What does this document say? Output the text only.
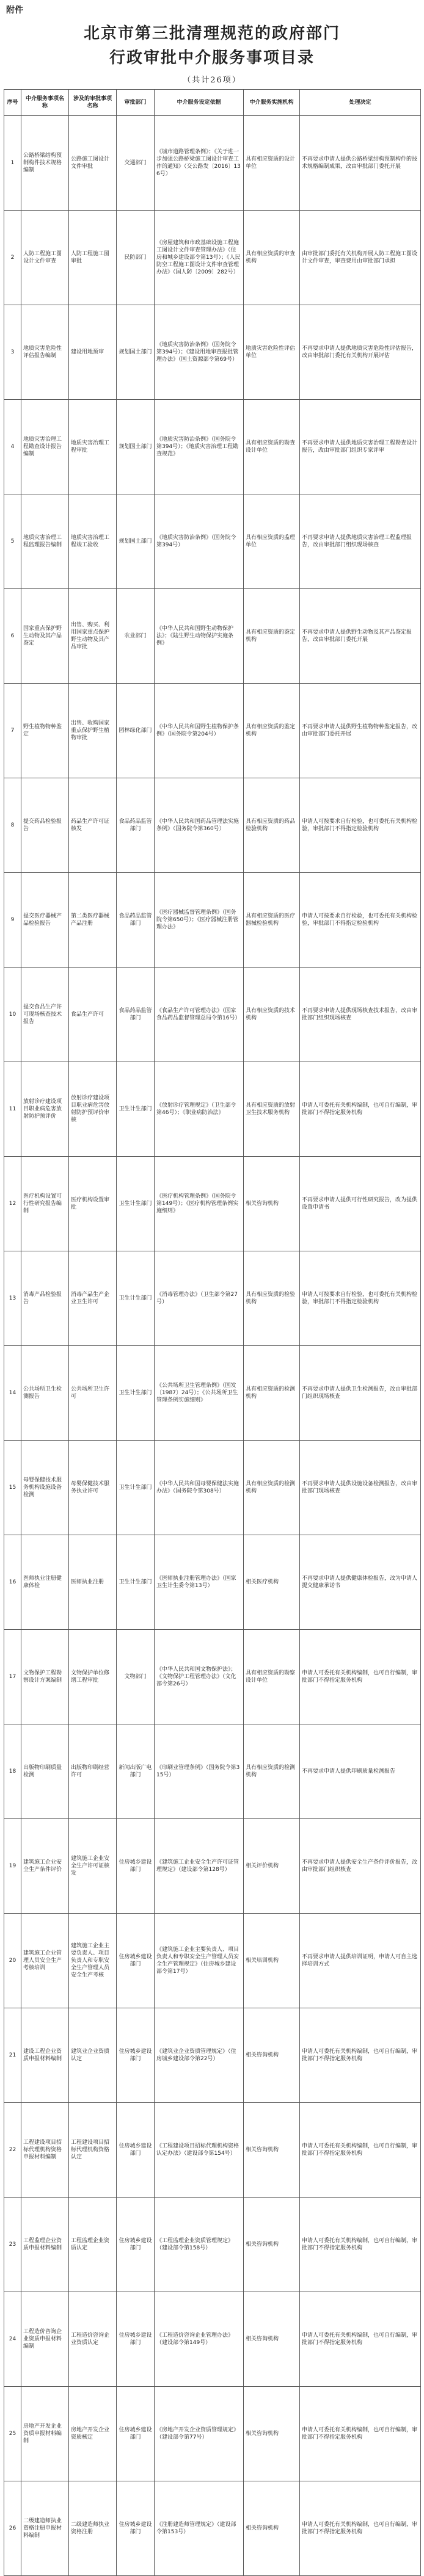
附件
北京市第三批清理规范的政府部门
行政审批中介服务事项目录
（共计26项）
序号	中介服务事项名称	涉及的审批事项名称	审批部门	中介服务设定依据	中介服务实施机构	处理决定
1	公路桥梁结构预制构件技术规格编制	公路施工图设计文件审批	交通部门	《城市道路管理条例》；《关于进一步加强公路桥梁施工图设计审查工作的通知》（交公路发〔2016〕136号）	具有相应资质的设计单位	不再要求申请人提供公路桥梁结构预制构件的技术规格编制成果，改由审批部门委托开展
2	人防工程施工图设计文件审查	人防工程施工图审批	民防部门	《房屋建筑和市政基础设施工程施工图设计文件审查管理办法》（住房和城乡建设部令第13号）；《人民防空工程施工图设计文件审查管理办法》（国人防〔2009〕282号）	具有相应资质的审查机构	由审批部门委托有关机构开展人防工程施工图设计文件审查，审查费用由审批部门承担
3	地质灾害危险性评估报告编制	建设用地预审	规划国土部门	《地质灾害防治条例》（国务院令第394号）；《建设用地审查报批管理办法》（国土资源部令第69号）	地质灾害危险性评估单位	不再要求申请人提供地质灾害危险性评估报告，改由审批部门委托有关机构开展评估
4	地质灾害治理工程勘查设计报告编制	地质灾害治理工程审批	规划国土部门	《地质灾害防治条例》（国务院令第394号）；《地质灾害治理工程勘查规范》	具有相应资质的勘查设计单位	不再要求申请人提供地质灾害治理工程勘查设计报告，改由审批部门组织专家评审
5	地质灾害治理工程监理报告编制	地质灾害治理工程竣工验收	规划国土部门	《地质灾害防治条例》（国务院令第394号）	具有相应资质的监理单位	不再要求申请人提供地质灾害治理工程监理报告，改由审批部门组织现场核查
6	国家重点保护野生动物及其产品鉴定	出售、购买、利用国家重点保护野生动物及其产品审批	农业部门	《中华人民共和国野生动物保护法》；《陆生野生动物保护实施条例》	具有相应资质的鉴定机构	不再要求申请人提供野生动物及其产品鉴定报告，改由审批部门委托开展
7	野生植物物种鉴定	出售、收购国家重点保护野生植物审批	园林绿化部门	《中华人民共和国野生植物保护条例》（国务院令第204号）	具有相应资质的鉴定机构	不再要求申请人提供野生植物物种鉴定报告，改由审批部门委托开展
8	提交药品检验报告	药品生产许可证核发	食品药品监管部门	《中华人民共和国药品管理法实施条例》（国务院令第360号）	具有相应资质的药品检验机构	申请人可按要求自行检验，也可委托有关机构检验，审批部门不得指定检验机构
9	提交医疗器械产品检验报告	第二类医疗器械产品注册	食品药品监管部门	《医疗器械监督管理条例》（国务院令第650号）；《医疗器械注册管理办法》	具有相应资质的医疗器械检验机构	申请人可按要求自行检验，也可委托有关机构检验，审批部门不得指定检验机构
10	提交食品生产许可现场核查技术报告	食品生产许可	食品药品监管部门	《食品生产许可管理办法》（国家食品药品监督管理总局令第16号）	具有相应资质的技术机构	不再要求申请人提供现场核查技术报告，改由审批部门组织现场核查
11	放射诊疗建设项目职业病危害放射防护预评价	放射诊疗建设项目职业病危害放射防护预评价审核	卫生计生部门	《放射诊疗管理规定》（卫生部令第46号）；《职业病防治法》	具有相应资质的放射卫生技术服务机构	申请人可委托有关机构编制，也可自行编制，审批部门不得指定服务机构
12	医疗机构设置可行性研究报告编制	医疗机构设置审批	卫生计生部门	《医疗机构管理条例》（国务院令第149号）；《医疗机构管理条例实施细则》	相关咨询机构	不再要求申请人提供可行性研究报告，改为提供设置申请书
13	消毒产品检验报告	消毒产品生产企业卫生许可	卫生计生部门	《消毒管理办法》（卫生部令第27号）	具有相应资质的检验机构	申请人可按要求自行检验，也可委托有关机构检验，审批部门不得指定检验机构
14	公共场所卫生检测报告	公共场所卫生许可	卫生计生部门	《公共场所卫生管理条例》（国发〔1987〕24号）；《公共场所卫生管理条例实施细则》	具有相应资质的检测机构	不再要求申请人提供卫生检测报告，改由审批部门组织现场核查
15	母婴保健技术服务机构设施设备检测	母婴保健技术服务执业许可	卫生计生部门	《中华人民共和国母婴保健法实施办法》（国务院令第308号）	具有相应资质的检测机构	不再要求申请人提供设施设备检测报告，改由审批部门现场核查
16	医师执业注册健康体检	医师执业注册	卫生计生部门	《医师执业注册管理办法》（国家卫生计生委令第13号）	相关医疗机构	不再要求申请人提供健康体检报告，改为申请人提交健康承诺书
17	文物保护工程勘察设计方案编制	文物保护单位修缮工程审批	文物部门	《中华人民共和国文物保护法》；《文物保护工程管理办法》（文化部令第26号）	具有相应资质的勘察设计单位	申请人可委托有关机构编制，也可自行编制，审批部门不得指定服务机构
18	出版物印刷质量检测	出版物印刷经营许可	新闻出版广电部门	《印刷业管理条例》（国务院令第315号）	具有相应资质的检测机构	不再要求申请人提供印刷质量检测报告
19	建筑施工企业安全生产条件评价	建筑施工企业安全生产许可证核发	住房城乡建设部门	《建筑施工企业安全生产许可证管理规定》（建设部令第128号）	相关评价机构	不再要求申请人提供安全生产条件评价报告，改由审批部门组织核查
20	建筑施工企业管理人员安全生产考核培训	建筑施工企业主要负责人、项目负责人和专职安全生产管理人员安全生产考核	住房城乡建设部门	《建筑施工企业主要负责人、项目负责人和专职安全生产管理人员安全生产管理规定》（住房城乡建设部令第17号）	相关培训机构	不再要求申请人提供培训证明，申请人可自主选择培训方式
21	建设工程企业资质申报材料编制	建筑业企业资质认定	住房城乡建设部门	《建筑业企业资质管理规定》（住房城乡建设部令第22号）	相关咨询机构	申请人可委托有关机构编制，也可自行编制，审批部门不得指定服务机构
22	工程建设项目招标代理机构资格申报材料编制	工程建设项目招标代理机构资格认定	住房城乡建设部门	《工程建设项目招标代理机构资格认定办法》（建设部令第154号）	相关咨询机构	申请人可委托有关机构编制，也可自行编制，审批部门不得指定服务机构
23	工程监理企业资质申报材料编制	工程监理企业资质认定	住房城乡建设部门	《工程监理企业资质管理规定》（建设部令第158号）	相关咨询机构	申请人可委托有关机构编制，也可自行编制，审批部门不得指定服务机构
24	工程造价咨询企业资质申报材料编制	工程造价咨询企业资质认定	住房城乡建设部门	《工程造价咨询企业管理办法》（建设部令第149号）	相关咨询机构	申请人可委托有关机构编制，也可自行编制，审批部门不得指定服务机构
25	房地产开发企业资质申报材料编制	房地产开发企业资质核定	住房城乡建设部门	《房地产开发企业资质管理规定》（建设部令第77号）	相关咨询机构	申请人可委托有关机构编制，也可自行编制，审批部门不得指定服务机构
26	二级建造师执业资格注册申报材料编制	二级建造师执业资格注册	住房城乡建设部门	《注册建造师管理规定》（建设部令第153号）	相关咨询机构	申请人可委托有关机构编制，也可自行编制，审批部门不得指定服务机构
